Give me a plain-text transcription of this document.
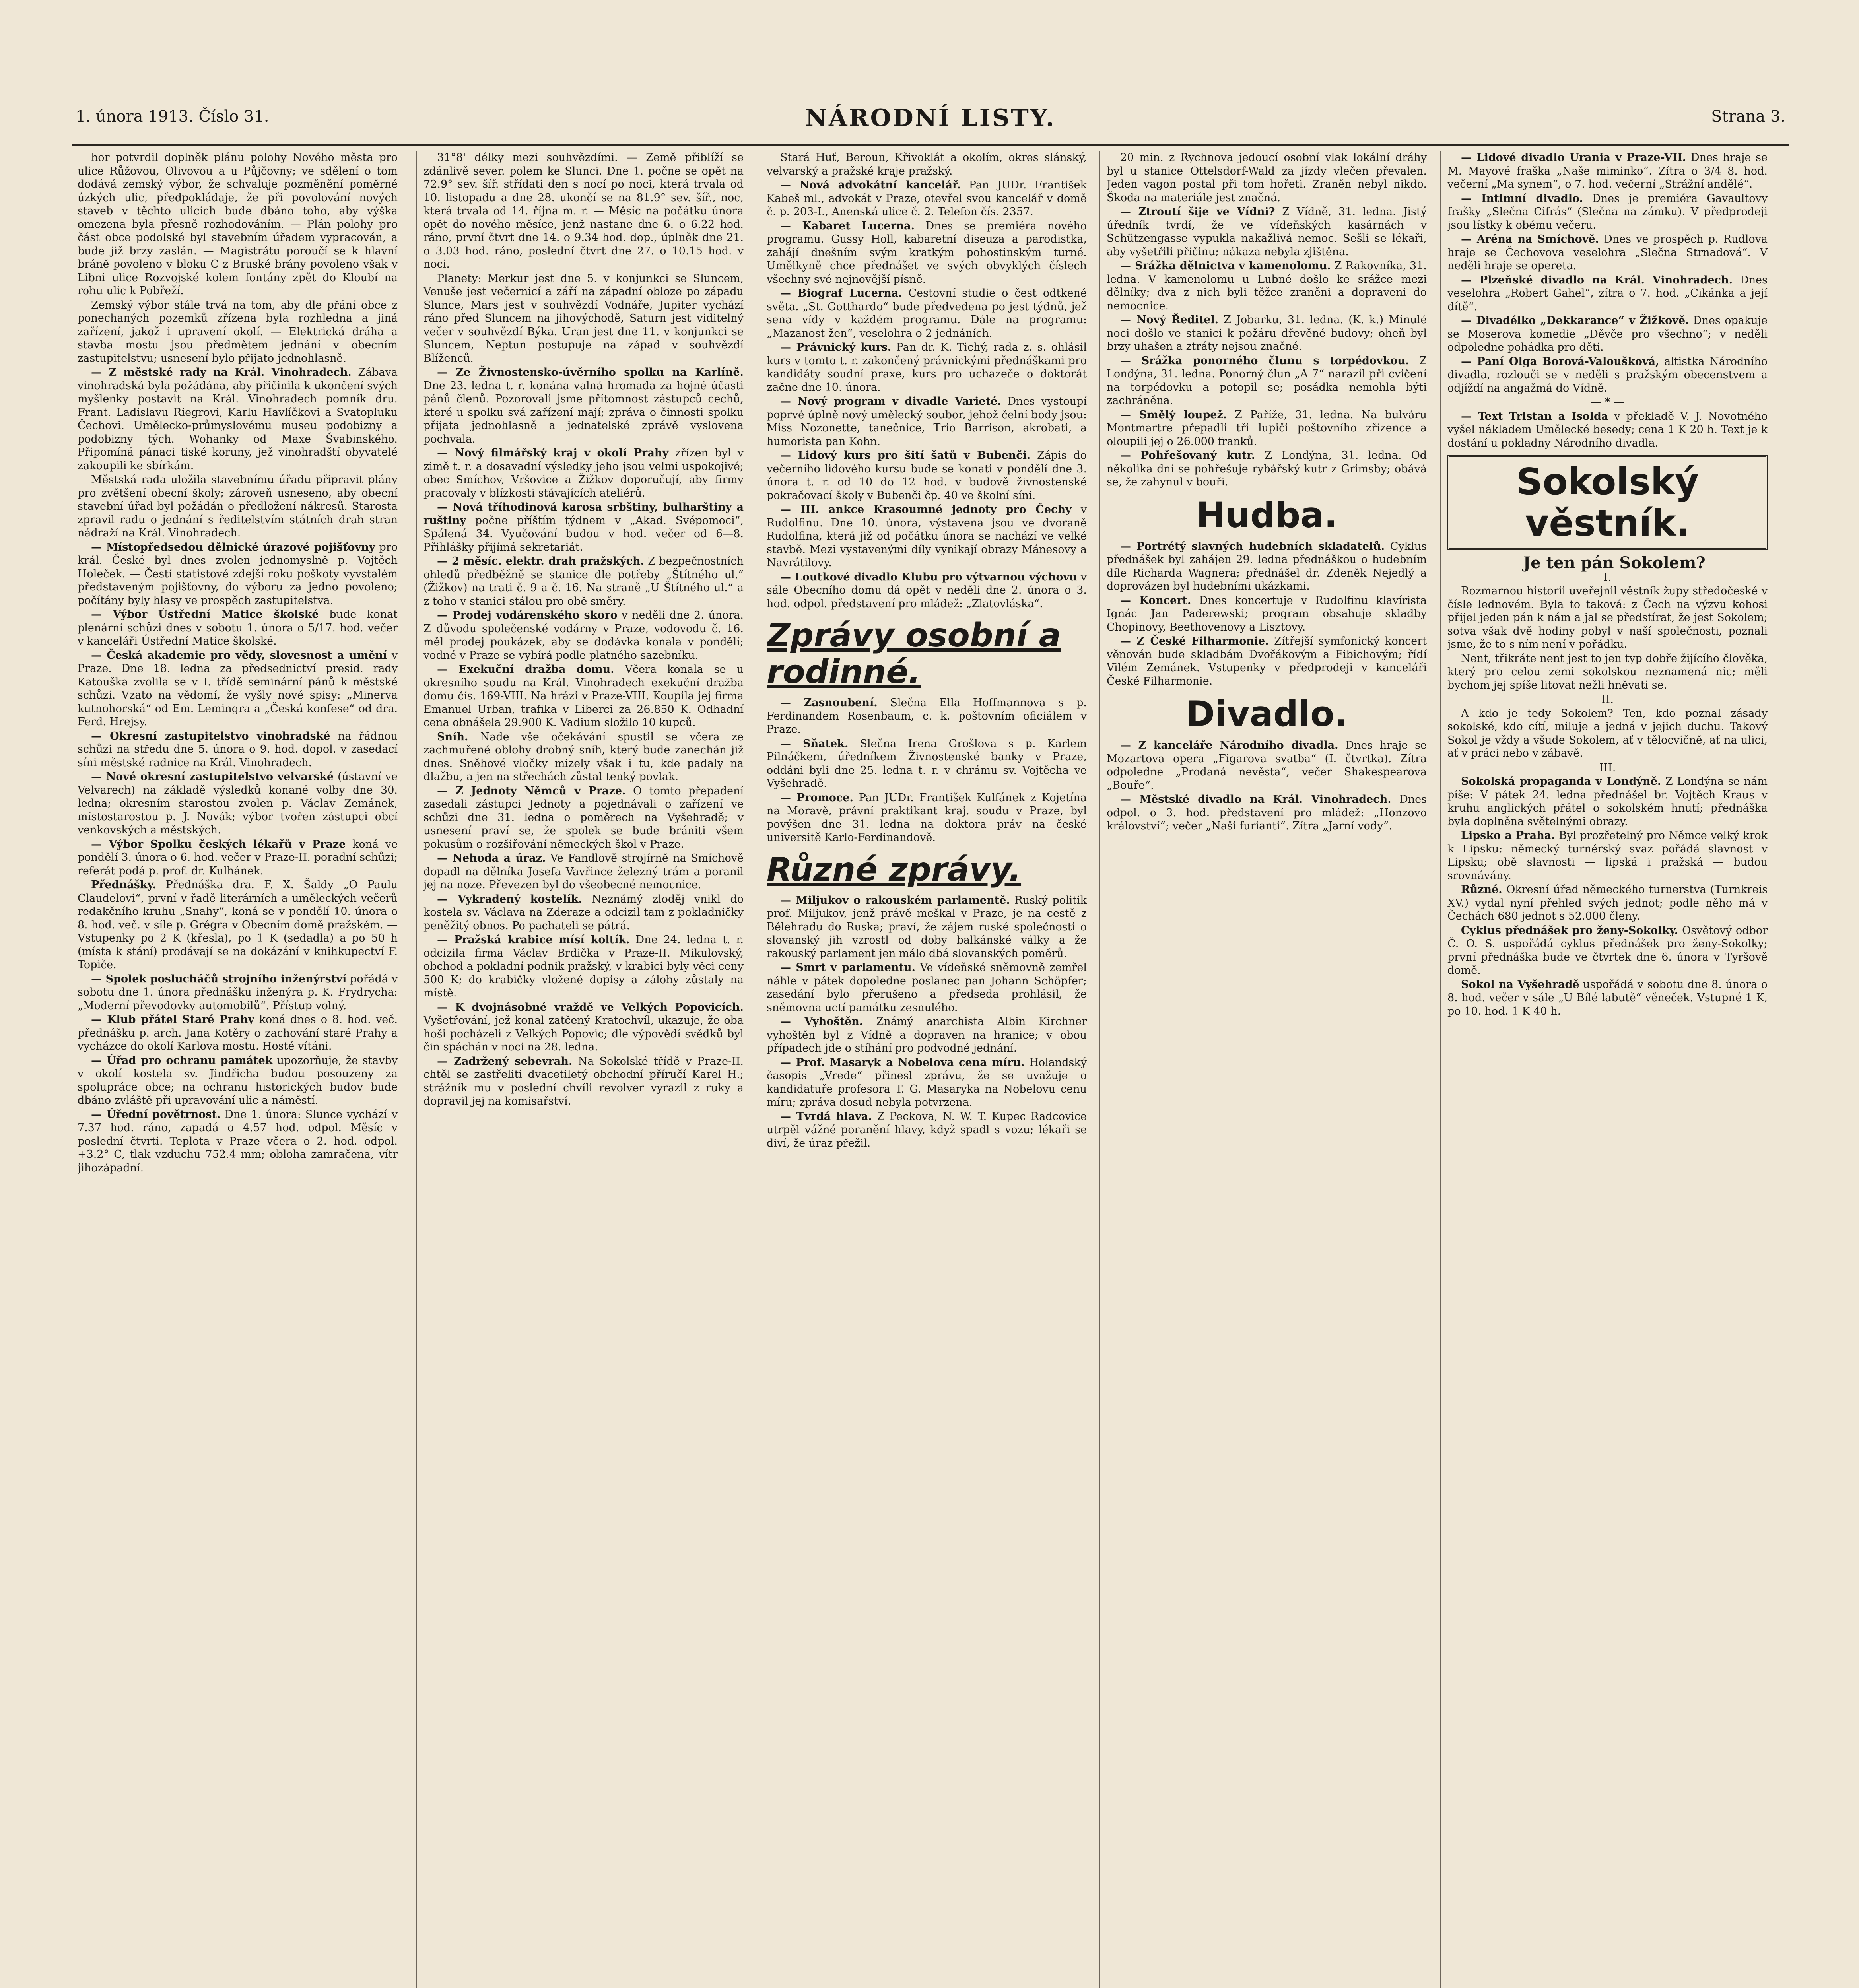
1. února 1913. Číslo 31.	NÁRODNÍ LISTY.	Strana 3.

hor potvrdil doplněk plánu polohy Nového města pro ulice Růžovou, Olivovou a u Půjčovny; ve sdělení o tom dodává zemský výbor, že schvaluje pozměnění poměrné úzkých ulic, předpokládaje, že při povolování nových staveb v těchto ulicích bude dbáno toho, aby výška omezena byla přesně rozhodováním. — Plán polohy pro část obce podolské byl stavebním úřadem vypracován, a bude již brzy zaslán. — Magistrátu poroučí se k hlavní bráně povoleno v bloku C z Bruské brány povoleno však v Libni ulice Rozvojské kolem fontány zpět do Kloubí na rohu ulic k Pobřeží.

Zemský výbor stále trvá na tom, aby dle přání obce z ponechaných pozemků zřízena byla rozhledna a jiná zařízení, jakož i upravení okolí. — Elektrická dráha a stavba mostu jsou předmětem jednání v obecním zastupitelstvu; usnesení bylo přijato jednohlasně.

— Z městské rady na Král. Vinohradech. Zábava vinohradská byla požádána, aby přičinila k ukončení svých myšlenky postavit na Král. Vinohradech pomník dru. Frant. Ladislavu Riegrovi, Karlu Havlíčkovi a Svatopluku Čechovi. Umělecko-průmyslovému museu podobizny a podobizny tých. Wohanky od Maxe Švabinského. Připomíná pánaci tiské koruny, jež vinohradští obyvatelé zakoupili ke sbírkám.

Městská rada uložila stavebnímu úřadu připravit plány pro zvětšení obecní školy; zároveň usneseno, aby obecní stavební úřad byl požádán o předložení nákresů. Starosta zpravil radu o jednání s ředitelstvím státních drah stran nádraží na Král. Vinohradech.

— Místopředsedou dělnické úrazové pojišťovny pro král. České byl dnes zvolen jednomyslně p. Vojtěch Holeček. — Čestí statistové zdejší roku poškoty vyvstalém představeným pojišťovny, do výboru za jedno povoleno; počítány byly hlasy ve prospěch zastupitelstva.

— Výbor Ústřední Matice školské bude konat plenární schůzi dnes v sobotu 1. února o 5/17. hod. večer v kanceláři Ústřední Matice školské.

— Česká akademie pro vědy, slovesnost a umění v Praze. Dne 18. ledna za předsednictví presid. rady Katouška zvolila se v I. třídě seminární pánů k městské schůzi. Vzato na vědomí, že vyšly nové spisy: „Minerva kutnohorská“ od Em. Lemingra a „Česká konfese“ od dra. Ferd. Hrejsy.

— Okresní zastupitelstvo vinohradské na řádnou schůzi na středu dne 5. února o 9. hod. dopol. v zasedací síni městské radnice na Král. Vinohradech.

— Nové okresní zastupitelstvo velvarské (ústavní ve Velvarech) na základě výsledků konané volby dne 30. ledna; okresním starostou zvolen p. Václav Zemánek, místostarostou p. J. Novák; výbor tvořen zástupci obcí venkovských a městských.

— Výbor Spolku českých lékařů v Praze koná ve pondělí 3. února o 6. hod. večer v Praze-II. poradní schůzi; referát podá p. prof. dr. Kulhánek.

Přednášky. Přednáška dra. F. X. Šaldy „O Paulu Claudelovi“, první v řadě literárních a uměleckých večerů redakčního kruhu „Snahy“, koná se v pondělí 10. února o 8. hod. več. v síle p. Grégra v Obecním domě pražském. — Vstupenky po 2 K (křesla), po 1 K (sedadla) a po 50 h (místa k stání) prodávají se na dokázání v knihkupectví F. Topiče.

— Spolek poslucháčů strojního inženýrství pořádá v sobotu dne 1. února přednášku inženýra p. K. Frydrycha: „Moderní převodovky automobilů“. Přístup volný.

— Klub přátel Staré Prahy koná dnes o 8. hod. več. přednášku p. arch. Jana Kotěry o zachování staré Prahy a vycházce do okolí Karlova mostu. Hosté vítáni.

— Úřad pro ochranu památek upozorňuje, že stavby v okolí kostela sv. Jindřicha budou posouzeny za spolupráce obce; na ochranu historických budov bude dbáno zvláště při upravování ulic a náměstí.

— Úřední povětrnost. Dne 1. února: Slunce vychází v 7.37 hod. ráno, zapadá o 4.57 hod. odpol. Měsíc v poslední čtvrti. Teplota v Praze včera o 2. hod. odpol. +3.2° C, tlak vzduchu 752.4 mm; obloha zamračena, vítr jihozápadní.

31°8' délky mezi souhvězdími. — Země přiblíží se zdánlivě sever. polem ke Slunci. Dne 1. počne se opět na 72.9° sev. šíř. střídati den s nocí po noci, která trvala od 10. listopadu a dne 28. ukončí se na 81.9° sev. šíř., noc, která trvala od 14. října m. r. — Měsíc na počátku února opět do nového měsíce, jenž nastane dne 6. o 6.22 hod. ráno, první čtvrt dne 14. o 9.34 hod. dop., úplněk dne 21. o 3.03 hod. ráno, poslední čtvrt dne 27. o 10.15 hod. v noci.

Planety: Merkur jest dne 5. v konjunkci se Sluncem, Venuše jest večernicí a září na západní obloze po západu Slunce, Mars jest v souhvězdí Vodnáře, Jupiter vychází ráno před Sluncem na jihovýchodě, Saturn jest viditelný večer v souhvězdí Býka. Uran jest dne 11. v konjunkci se Sluncem, Neptun postupuje na západ v souhvězdí Blíženců.

— Ze Živnostensko-úvěrního spolku na Karlíně. Dne 23. ledna t. r. konána valná hromada za hojné účasti pánů členů. Pozorovali jsme přítomnost zástupců cechů, které u spolku svá zařízení mají; zpráva o činnosti spolku přijata jednohlasně a jednatelské zprávě vyslovena pochvala.

— Nový filmářský kraj v okolí Prahy zřízen byl v zimě t. r. a dosavadní výsledky jeho jsou velmi uspokojivé; obec Smíchov, Vršovice a Žižkov doporučují, aby firmy pracovaly v blízkosti stávajících ateliérů.

— Nová tříhodinová karosa srbštiny, bulharštiny a ruštiny počne příštím týdnem v „Akad. Svépomoci“, Spálená 34. Vyučování budou v hod. večer od 6—8. Přihlášky přijímá sekretariát.

— 2 měsíc. elektr. drah pražských. Z bezpečnostních ohledů předběžně se stanice dle potřeby „Štítného ul.“ (Žižkov) na trati č. 9 a č. 16. Na straně „U Štítného ul.“ a z toho v stanici stálou pro obě směry.

— Prodej vodárenského skoro v neděli dne 2. února. Z důvodu společenské vodárny v Praze, vodovodu č. 16. měl prodej poukázek, aby se dodávka konala v pondělí; vodné v Praze se vybírá podle platného sazebníku.

— Exekuční dražba domu. Včera konala se u okresního soudu na Král. Vinohradech exekuční dražba domu čís. 169-VIII. Na hrázi v Praze-VIII. Koupila jej firma Emanuel Urban, trafika v Liberci za 26.850 K. Odhadní cena obnášela 29.900 K. Vadium složilo 10 kupců.

Sníh. Nade vše očekávání spustil se včera ze zachmuřené oblohy drobný sníh, který bude zanechán již dnes. Sněhové vločky mizely však i tu, kde padaly na dlažbu, a jen na střechách zůstal tenký povlak.

— Z Jednoty Němců v Praze. O tomto přepadení zasedali zástupci Jednoty a pojednávali o zařízení ve schůzi dne 31. ledna o poměrech na Vyšehradě; v usnesení praví se, že spolek se bude brániti všem pokusům o rozšiřování německých škol v Praze.

— Nehoda a úraz. Ve Fandlově strojírně na Smíchově dopadl na dělníka Josefa Vavřince železný trám a poranil jej na noze. Převezen byl do všeobecné nemocnice.

— Vykradený kostelík. Neznámý zloděj vnikl do kostela sv. Václava na Zderaze a odcizil tam z pokladničky peněžitý obnos. Po pachateli se pátrá.

— Pražská krabice mísí koltík. Dne 24. ledna t. r. odcizila firma Václav Brdička v Praze-II. Mikulovský, obchod a pokladní podnik pražský, v krabici byly věci ceny 500 K; do krabičky vložené dopisy a zálohy zůstaly na místě.

— K dvojnásobné vraždě ve Velkých Popovicích. Vyšetřování, jež konal zatčený Kratochvíl, ukazuje, že oba hoši pocházeli z Velkých Popovic; dle výpovědí svědků byl čin spáchán v noci na 28. ledna.

— Zadržený sebevrah. Na Sokolské třídě v Praze-II. chtěl se zastřeliti dvacetiletý obchodní příručí Karel H.; strážník mu v poslední chvíli revolver vyrazil z ruky a dopravil jej na komisařství.

Stará Huť, Beroun, Křivoklát a okolím, okres slánský, velvarský a pražské kraje pražský.

— Nová advokátní kancelář. Pan JUDr. František Kabeš ml., advokát v Praze, otevřel svou kancelář v domě č. p. 203-I., Anenská ulice č. 2. Telefon čís. 2357.

— Kabaret Lucerna. Dnes se premiéra nového programu. Gussy Holl, kabaretní diseuza a parodistka, zahájí dnešním svým kratkým pohostinským turné. Umělkyně chce přednášet ve svých obvyklých číslech všechny své nejnovější písně.

— Biograf Lucerna. Cestovní studie o čest odtkené světa. „St. Gotthardo“ bude předvedena po jest týdnů, jež sena vídy v každém programu. Dále na programu: „Mazanost žen“, veselohra o 2 jednáních.

— Právnický kurs. Pan dr. K. Tichý, rada z. s. ohlásil kurs v tomto t. r. zakončený právnickými přednáškami pro kandidáty soudní praxe, kurs pro uchazeče o doktorát začne dne 10. února.

— Nový program v divadle Varieté. Dnes vystoupí poprvé úplně nový umělecký soubor, jehož čelní body jsou: Miss Nozonette, tanečnice, Trio Barrison, akrobati, a humorista pan Kohn.

— Lidový kurs pro šití šatů v Bubenči. Zápis do večerního lidového kursu bude se konati v pondělí dne 3. února t. r. od 10 do 12 hod. v budově živnostenské pokračovací školy v Bubenči čp. 40 ve školní síni.

— III. ankce Krasoumné jednoty pro Čechy v Rudolfinu. Dne 10. února, výstavena jsou ve dvoraně Rudolfina, která již od počátku února se nachází ve velké stavbě. Mezi vystavenými díly vynikají obrazy Mánesovy a Navrátilovy.

— Loutkové divadlo Klubu pro výtvarnou výchovu v sále Obecního domu dá opět v neděli dne 2. února o 3. hod. odpol. představení pro mládež: „Zlatovláska“.

Zprávy osobní a rodinné.

— Zasnoubení. Slečna Ella Hoffmannova s p. Ferdinandem Rosenbaum, c. k. poštovním oficiálem v Praze.

— Sňatek. Slečna Irena Grošlova s p. Karlem Pilnáčkem, úředníkem Živnostenské banky v Praze, oddáni byli dne 25. ledna t. r. v chrámu sv. Vojtěcha ve Vyšehradě.

— Promoce. Pan JUDr. František Kulfánek z Kojetína na Moravě, právní praktikant kraj. soudu v Praze, byl povýšen dne 31. ledna na doktora práv na české universitě Karlo-Ferdinandově.

Různé zprávy.

— Miljukov o rakouském parlamentě. Ruský politik prof. Miljukov, jenž právě meškal v Praze, je na cestě z Bělehradu do Ruska; praví, že zájem ruské společnosti o slovanský jih vzrostl od doby balkánské války a že rakouský parlament jen málo dbá slovanských poměrů.

— Smrt v parlamentu. Ve vídeňské sněmovně zemřel náhle v pátek dopoledne poslanec pan Johann Schöpfer; zasedání bylo přerušeno a předseda prohlásil, že sněmovna uctí památku zesnulého.

— Vyhoštěn. Známý anarchista Albin Kirchner vyhoštěn byl z Vídně a dopraven na hranice; v obou případech jde o stíhání pro podvodné jednání.

— Prof. Masaryk a Nobelova cena míru. Holandský časopis „Vrede“ přinesl zprávu, že se uvažuje o kandidatuře profesora T. G. Masaryka na Nobelovu cenu míru; zpráva dosud nebyla potvrzena.

— Tvrdá hlava. Z Peckova, N. W. T. Kupec Radcovice utrpěl vážné poranění hlavy, když spadl s vozu; lékaři se diví, že úraz přežil.

20 min. z Rychnova jedoucí osobní vlak lokální dráhy byl u stanice Ottelsdorf-Wald za jízdy vlečen převalen. Jeden vagon postal při tom hořeti. Zraněn nebyl nikdo. Škoda na materiále jest značná.

— Ztroutí šije ve Vídni? Z Vídně, 31. ledna. Jistý úředník tvrdí, že ve vídeňských kasárnách v Schützengasse vypukla nakažlivá nemoc. Sešli se lékaři, aby vyšetřili příčinu; nákaza nebyla zjištěna.

— Srážka dělnictva v kamenolomu. Z Rakovníka, 31. ledna. V kamenolomu u Lubné došlo ke srážce mezi dělníky; dva z nich byli těžce zraněni a dopraveni do nemocnice.

— Nový Ředitel. Z Jobarku, 31. ledna. (K. k.) Minulé noci došlo ve stanici k požáru dřevěné budovy; oheň byl brzy uhašen a ztráty nejsou značné.

— Srážka ponorného člunu s torpédovkou. Z Londýna, 31. ledna. Ponorný člun „A 7“ narazil při cvičení na torpédovku a potopil se; posádka nemohla býti zachráněna.

— Smělý loupež. Z Paříže, 31. ledna. Na bulváru Montmartre přepadli tři lupiči poštovního zřízence a oloupili jej o 26.000 franků.

— Pohřešovaný kutr. Z Londýna, 31. ledna. Od několika dní se pohřešuje rybářský kutr z Grimsby; obává se, že zahynul v bouři.

Hudba.

— Portrétý slavných hudebních skladatelů. Cyklus přednášek byl zahájen 29. ledna přednáškou o hudebním díle Richarda Wagnera; přednášel dr. Zdeněk Nejedlý a doprovázen byl hudebními ukázkami.

— Koncert. Dnes koncertuje v Rudolfinu klavírista Ignác Jan Paderewski; program obsahuje skladby Chopinovy, Beethovenovy a Lisztovy.

— Z České Filharmonie. Zítřejší symfonický koncert věnován bude skladbám Dvořákovým a Fibichovým; řídí Vilém Zemánek. Vstupenky v předprodeji v kanceláři České Filharmonie.

Divadlo.

— Z kanceláře Národního divadla. Dnes hraje se Mozartova opera „Figarova svatba“ (I. čtvrtka). Zítra odpoledne „Prodaná nevěsta“, večer Shakespearova „Bouře“.

— Městské divadlo na Král. Vinohradech. Dnes odpol. o 3. hod. představení pro mládež: „Honzovo království“; večer „Naši furianti“. Zítra „Jarní vody“.

— Lidové divadlo Urania v Praze-VII. Dnes hraje se M. Mayové fraška „Naše miminko“. Zítra o 3/4 8. hod. večerní „Ma synem“, o 7. hod. večerní „Strážní andělé“.

— Intimní divadlo. Dnes je premiéra Gavaultovy frašky „Slečna Cifrás“ (Slečna na zámku). V předprodeji jsou lístky k obému večeru.

— Aréna na Smíchově. Dnes ve prospěch p. Rudlova hraje se Čechovova veselohra „Slečna Strnadová“. V neděli hraje se opereta.

— Plzeňské divadlo na Král. Vinohradech. Dnes veselohra „Robert Gahel“, zítra o 7. hod. „Cikánka a její dítě“.

— Divadélko „Dekkarance“ v Žižkově. Dnes opakuje se Moserova komedie „Děvče pro všechno“; v neděli odpoledne pohádka pro děti.

— Paní Olga Borová-Valoušková, altistka Národního divadla, rozlouči se v neděli s pražským obecenstvem a odjíždí na angažmá do Vídně.

— * —

— Text Tristan a Isolda v překladě V. J. Novotného vyšel nákladem Umělecké besedy; cena 1 K 20 h. Text je k dostání u pokladny Národního divadla.

Sokolský věstník.

Je ten pán Sokolem?

I.

Rozmarnou historii uveřejnil věstník župy středočeské v čísle lednovém. Byla to taková: z Čech na výzvu kohosi přijel jeden pán k nám a jal se předstírat, že jest Sokolem; sotva však dvě hodiny pobyl v naší společnosti, poznali jsme, že to s ním není v pořádku.

Nent, třikráte nent jest to jen typ dobře žijícího člověka, který pro celou zemi sokolskou neznamená nic; měli bychom jej spíše litovat nežli hněvati se.

II.

A kdo je tedy Sokolem? Ten, kdo poznal zásady sokolské, kdo cítí, miluje a jedná v jejich duchu. Takový Sokol je vždy a všude Sokolem, ať v tělocvičně, ať na ulici, ať v práci nebo v zábavě.

III.

Sokolská propaganda v Londýně. Z Londýna se nám píše: V pátek 24. ledna přednášel br. Vojtěch Kraus v kruhu anglických přátel o sokolském hnutí; přednáška byla doplněna světelnými obrazy.

Lipsko a Praha. Byl prozřetelný pro Němce velký krok k Lipsku: německý turnérský svaz pořádá slavnost v Lipsku; obě slavnosti — lipská i pražská — budou srovnávány.

Různé. Okresní úřad německého turnerstva (Turnkreis XV.) vydal nyní přehled svých jednot; podle něho má v Čechách 680 jednot s 52.000 členy.

Cyklus přednášek pro ženy-Sokolky. Osvětový odbor Č. O. S. uspořádá cyklus přednášek pro ženy-Sokolky; první přednáška bude ve čtvrtek dne 6. února v Tyršově domě.

Sokol na Vyšehradě uspořádá v sobotu dne 8. února o 8. hod. večer v sále „U Bílé labutě“ věneček. Vstupné 1 K, po 10. hod. 1 K 40 h.
